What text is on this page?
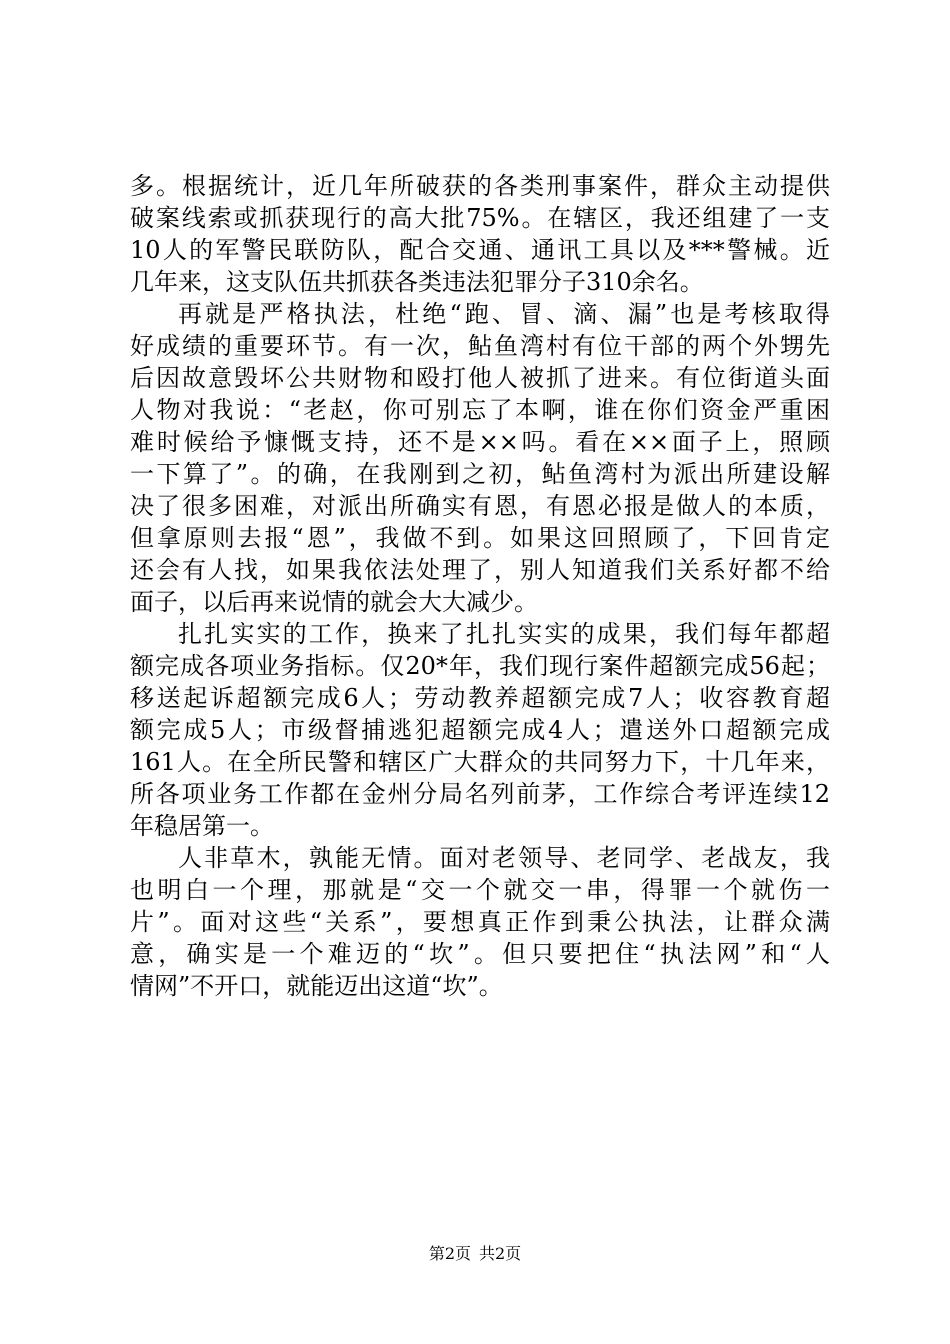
多。根据统计，近几年所破获的各类刑事案件，群众主动提供
破案线索或抓获现行的高大批75%。在辖区，我还组建了一支
10人的军警民联防队，配合交通、通讯工具以及***警械。近
几年来，这支队伍共抓获各类违法犯罪分子310余名。
再就是严格执法，杜绝“跑、冒、滴、漏”也是考核取得
好成绩的重要环节。有一次，鲇鱼湾村有位干部的两个外甥先
后因故意毁坏公共财物和殴打他人被抓了进来。有位街道头面
人物对我说：“老赵，你可别忘了本啊，谁在你们资金严重困
难时候给予慷慨支持，还不是××吗。看在××面子上，照顾
一下算了”。的确，在我刚到之初，鲇鱼湾村为派出所建设解
决了很多困难，对派出所确实有恩，有恩必报是做人的本质，
但拿原则去报“恩”，我做不到。如果这回照顾了，下回肯定
还会有人找，如果我依法处理了，别人知道我们关系好都不给
面子，以后再来说情的就会大大减少。
扎扎实实的工作，换来了扎扎实实的成果，我们每年都超
额完成各项业务指标。仅20*年，我们现行案件超额完成56起；
移送起诉超额完成6人；劳动教养超额完成7人；收容教育超
额完成5人；市级督捕逃犯超额完成4人；遣送外口超额完成
161人。在全所民警和辖区广大群众的共同努力下，十几年来，
所各项业务工作都在金州分局名列前茅，工作综合考评连续12
年稳居第一。
人非草木，孰能无情。面对老领导、老同学、老战友，我
也明白一个理，那就是“交一个就交一串，得罪一个就伤一
片”。面对这些“关系”，要想真正作到秉公执法，让群众满
意，确实是一个难迈的“坎”。但只要把住“执法网”和“人
情网”不开口，就能迈出这道“坎”。
第2页 共2页
